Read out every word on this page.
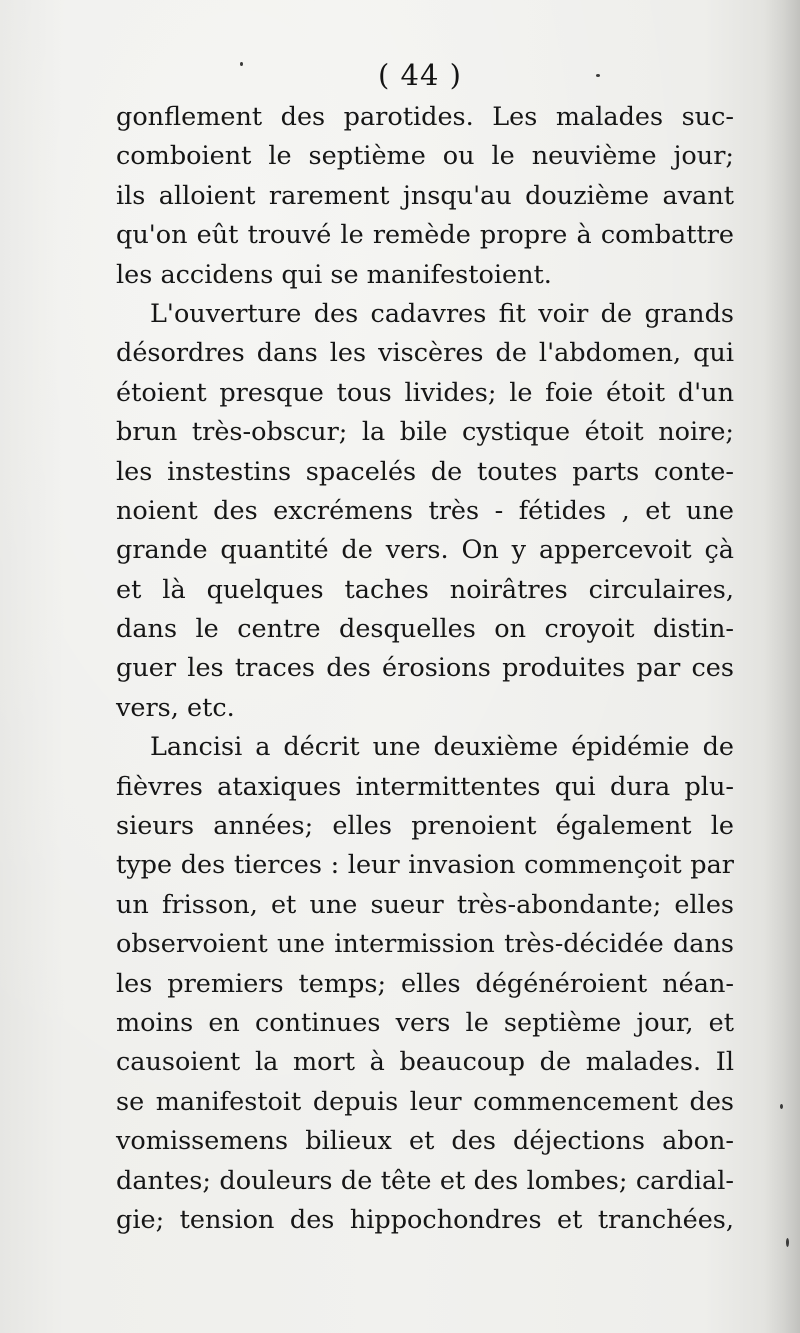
( 44 )
gonflement des parotides. Les malades suc-
comboient le septième ou le neuvième jour;
ils alloient rarement jnsqu'au douzième avant
qu'on eût trouvé le remède propre à combattre
les accidens qui se manifestoient.
L'ouverture des cadavres fit voir de grands
désordres dans les viscères de l'abdomen, qui
étoient presque tous livides; le foie étoit d'un
brun très-obscur; la bile cystique étoit noire;
les instestins spacelés de toutes parts conte-
noient des excrémens très - fétides , et une
grande quantité de vers. On y appercevoit çà
et là quelques taches noirâtres circulaires,
dans le centre desquelles on croyoit distin-
guer les traces des érosions produites par ces
vers, etc.
Lancisi a décrit une deuxième épidémie de
fièvres ataxiques intermittentes qui dura plu-
sieurs années; elles prenoient également le
type des tierces : leur invasion commençoit par
un frisson, et une sueur très-abondante; elles
observoient une intermission très-décidée dans
les premiers temps; elles dégénéroient néan-
moins en continues vers le septième jour, et
causoient la mort à beaucoup de malades. Il
se manifestoit depuis leur commencement des
vomissemens bilieux et des déjections abon-
dantes; douleurs de tête et des lombes; cardial-
gie; tension des hippochondres et tranchées,
